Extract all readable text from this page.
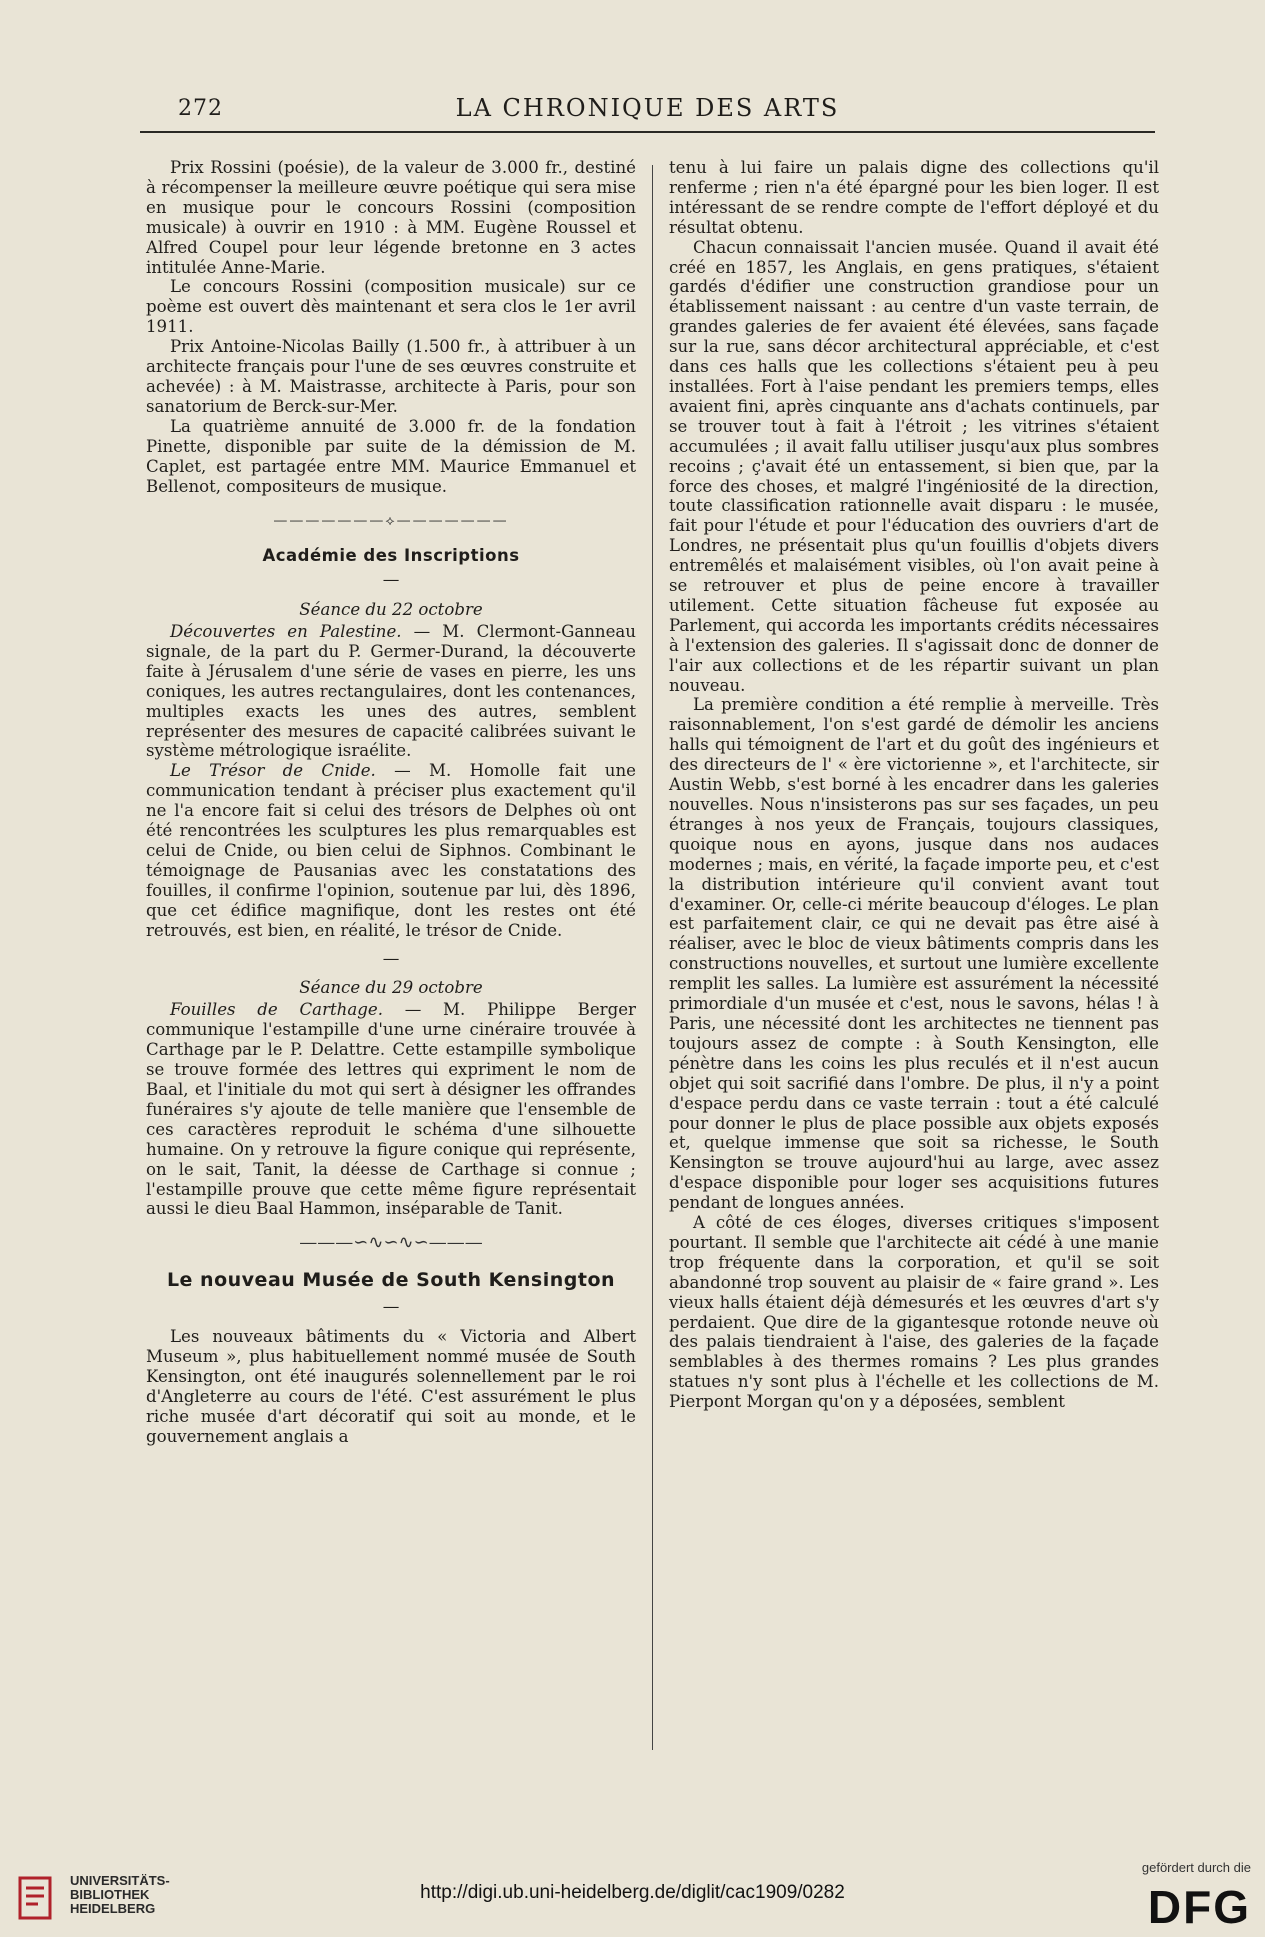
272	LA CHRONIQUE DES ARTS

Prix Rossini (poésie), de la valeur de 3.000 fr., destiné à récompenser la meilleure œuvre poétique qui sera mise en musique pour le concours Rossini (composition musicale) à ouvrir en 1910 : à MM. Eugène Roussel et Alfred Coupel pour leur légende bretonne en 3 actes intitulée Anne-Marie.

Le concours Rossini (composition musicale) sur ce poème est ouvert dès maintenant et sera clos le 1er avril 1911.

Prix Antoine-Nicolas Bailly (1.500 fr., à attribuer à un architecte français pour l'une de ses œuvres construite et achevée) : à M. Maistrasse, architecte à Paris, pour son sanatorium de Berck-sur-Mer.

La quatrième annuité de 3.000 fr. de la fondation Pinette, disponible par suite de la démission de M. Caplet, est partagée entre MM. Maurice Emmanuel et Bellenot, compositeurs de musique.

———————⟡———————
Académie des Inscriptions
—
Séance du 22 octobre

Découvertes en Palestine. — M. Clermont-Ganneau signale, de la part du P. Germer-Durand, la découverte faite à Jérusalem d'une série de vases en pierre, les uns coniques, les autres rectangulaires, dont les contenances, multiples exacts les unes des autres, semblent représenter des mesures de capacité calibrées suivant le système métrologique israélite.

Le Trésor de Cnide. — M. Homolle fait une communication tendant à préciser plus exactement qu'il ne l'a encore fait si celui des trésors de Delphes où ont été rencontrées les sculptures les plus remarquables est celui de Cnide, ou bien celui de Siphnos. Combinant le témoignage de Pausanias avec les constatations des fouilles, il confirme l'opinion, soutenue par lui, dès 1896, que cet édifice magnifique, dont les restes ont été retrouvés, est bien, en réalité, le trésor de Cnide.

—
Séance du 29 octobre

Fouilles de Carthage. — M. Philippe Berger communique l'estampille d'une urne cinéraire trouvée à Carthage par le P. Delattre. Cette estampille symbolique se trouve formée des lettres qui expriment le nom de Baal, et l'initiale du mot qui sert à désigner les offrandes funéraires s'y ajoute de telle manière que l'ensemble de ces caractères reproduit le schéma d'une silhouette humaine. On y retrouve la figure conique qui représente, on le sait, Tanit, la déesse de Carthage si connue ; l'estampille prouve que cette même figure représentait aussi le dieu Baal Hammon, inséparable de Tanit.

———∽∿∽∿∽———
Le nouveau Musée de South Kensington
—

Les nouveaux bâtiments du « Victoria and Albert Museum », plus habituellement nommé musée de South Kensington, ont été inaugurés solennellement par le roi d'Angleterre au cours de l'été. C'est assurément le plus riche musée d'art décoratif qui soit au monde, et le gouvernement anglais a

tenu à lui faire un palais digne des collections qu'il renferme ; rien n'a été épargné pour les bien loger. Il est intéressant de se rendre compte de l'effort déployé et du résultat obtenu.

Chacun connaissait l'ancien musée. Quand il avait été créé en 1857, les Anglais, en gens pratiques, s'étaient gardés d'édifier une construction grandiose pour un établissement naissant : au centre d'un vaste terrain, de grandes galeries de fer avaient été élevées, sans façade sur la rue, sans décor architectural appréciable, et c'est dans ces halls que les collections s'étaient peu à peu installées. Fort à l'aise pendant les premiers temps, elles avaient fini, après cinquante ans d'achats continuels, par se trouver tout à fait à l'étroit ; les vitrines s'étaient accumulées ; il avait fallu utiliser jusqu'aux plus sombres recoins ; ç'avait été un entassement, si bien que, par la force des choses, et malgré l'ingéniosité de la direction, toute classification rationnelle avait disparu : le musée, fait pour l'étude et pour l'éducation des ouvriers d'art de Londres, ne présentait plus qu'un fouillis d'objets divers entremêlés et malaisément visibles, où l'on avait peine à se retrouver et plus de peine encore à travailler utilement. Cette situation fâcheuse fut exposée au Parlement, qui accorda les importants crédits nécessaires à l'extension des galeries. Il s'agissait donc de donner de l'air aux collections et de les répartir suivant un plan nouveau.

La première condition a été remplie à merveille. Très raisonnablement, l'on s'est gardé de démolir les anciens halls qui témoignent de l'art et du goût des ingénieurs et des directeurs de l' « ère victorienne », et l'architecte, sir Austin Webb, s'est borné à les encadrer dans les galeries nouvelles. Nous n'insisterons pas sur ses façades, un peu étranges à nos yeux de Français, toujours classiques, quoique nous en ayons, jusque dans nos audaces modernes ; mais, en vérité, la façade importe peu, et c'est la distribution intérieure qu'il convient avant tout d'examiner. Or, celle-ci mérite beaucoup d'éloges. Le plan est parfaitement clair, ce qui ne devait pas être aisé à réaliser, avec le bloc de vieux bâtiments compris dans les constructions nouvelles, et surtout une lumière excellente remplit les salles. La lumière est assurément la nécessité primordiale d'un musée et c'est, nous le savons, hélas ! à Paris, une nécessité dont les architectes ne tiennent pas toujours assez de compte : à South Kensington, elle pénètre dans les coins les plus reculés et il n'est aucun objet qui soit sacrifié dans l'ombre. De plus, il n'y a point d'espace perdu dans ce vaste terrain : tout a été calculé pour donner le plus de place possible aux objets exposés et, quelque immense que soit sa richesse, le South Kensington se trouve aujourd'hui au large, avec assez d'espace disponible pour loger ses acquisitions futures pendant de longues années.

A côté de ces éloges, diverses critiques s'imposent pourtant. Il semble que l'architecte ait cédé à une manie trop fréquente dans la corporation, et qu'il se soit abandonné trop souvent au plaisir de « faire grand ». Les vieux halls étaient déjà démesurés et les œuvres d'art s'y perdaient. Que dire de la gigantesque rotonde neuve où des palais tiendraient à l'aise, des galeries de la façade semblables à des thermes romains ? Les plus grandes statues n'y sont plus à l'échelle et les collections de M. Pierpont Morgan qu'on y a déposées, semblent

UNIVERSITÄTS-
BIBLIOTHEK
HEIDELBERG
http://digi.ub.uni-heidelberg.de/diglit/cac1909/0282
gefördert durch die
DFG
